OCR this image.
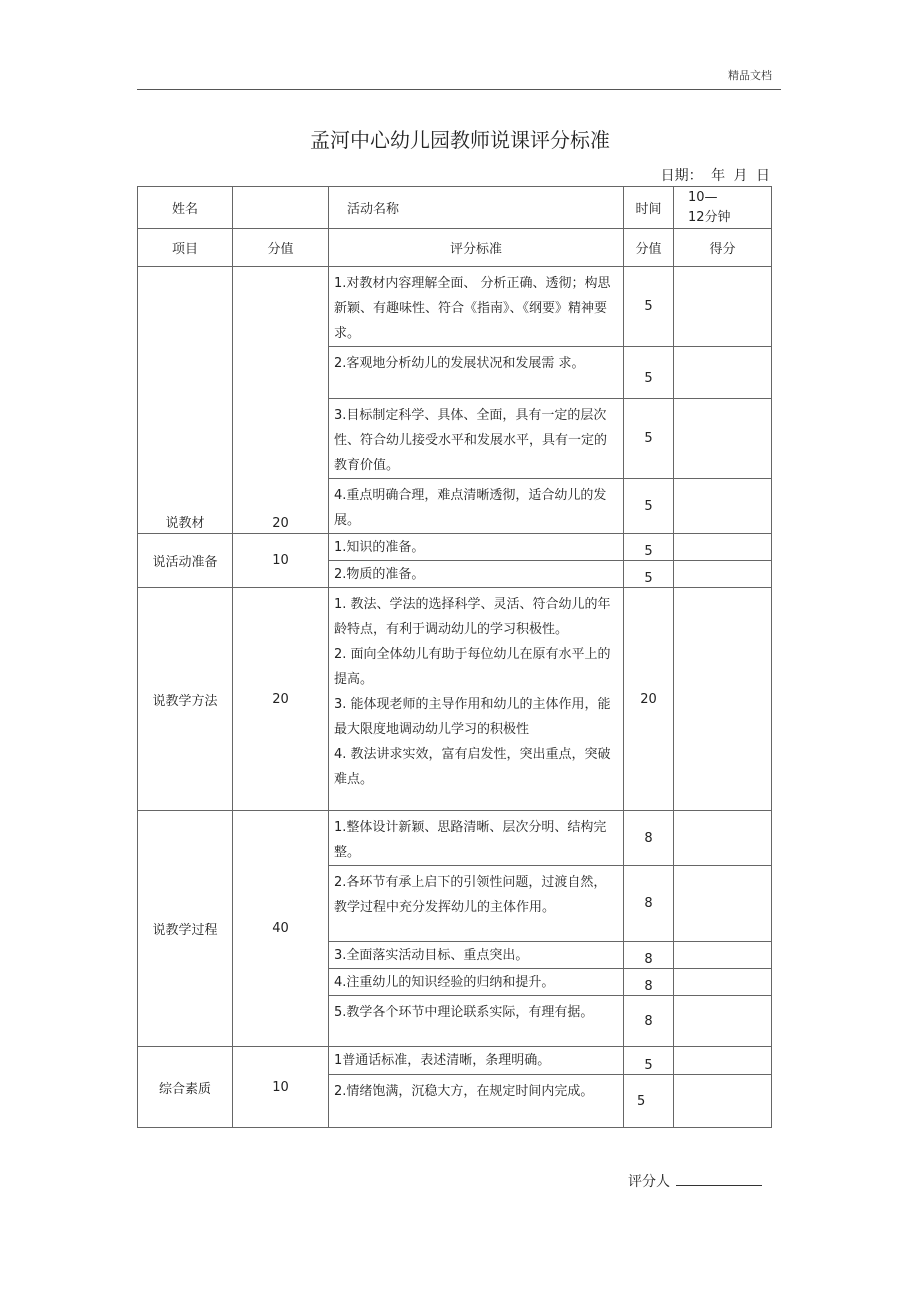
精品文档
孟河中心幼儿园教师说课评分标准
日期： 年 月 日
姓名		活动名称	时间	10—
12分钟
项目	分值	评分标准	分值	得分
说教材	20	1.对教材内容理解全面、 分析正确、透彻；构思新颖、有趣味性、符合《指南》、《纲要》精神要求。	5	
		2.客观地分析幼儿的发展状况和发展需 求。	5	
		3.目标制定科学、具体、全面，具有一定的层次性、符合幼儿接受水平和发展水平，具有一定的教育价值。	5	
		4.重点明确合理，难点清晰透彻，适合幼儿的发展。	5	
说活动准备	10	1.知识的准备。	5	
		2.物质的准备。	5	
说教学方法	20	1. 教法、学法的选择科学、灵活、符合幼儿的年龄特点，有利于调动幼儿的学习积极性。
2. 面向全体幼儿有助于每位幼儿在原有水平上的提高。
3. 能体现老师的主导作用和幼儿的主体作用，能最大限度地调动幼儿学习的积极性
4. 教法讲求实效，富有启发性，突出重点，突破难点。	20	
说教学过程	40	1.整体设计新颖、思路清晰、层次分明、结构完整。	8	
		2.各环节有承上启下的引领性问题，过渡自然，教学过程中充分发挥幼儿的主体作用。	8	
		3.全面落实活动目标、重点突出。	8	
		4.注重幼儿的知识经验的归纳和提升。	8	
		5.教学各个环节中理论联系实际，有理有据。	8	
综合素质	10	1普通话标准，表述清晰，条理明确。	5	
		2.情绪饱满，沉稳大方，在规定时间内完成。	5	
评分人
